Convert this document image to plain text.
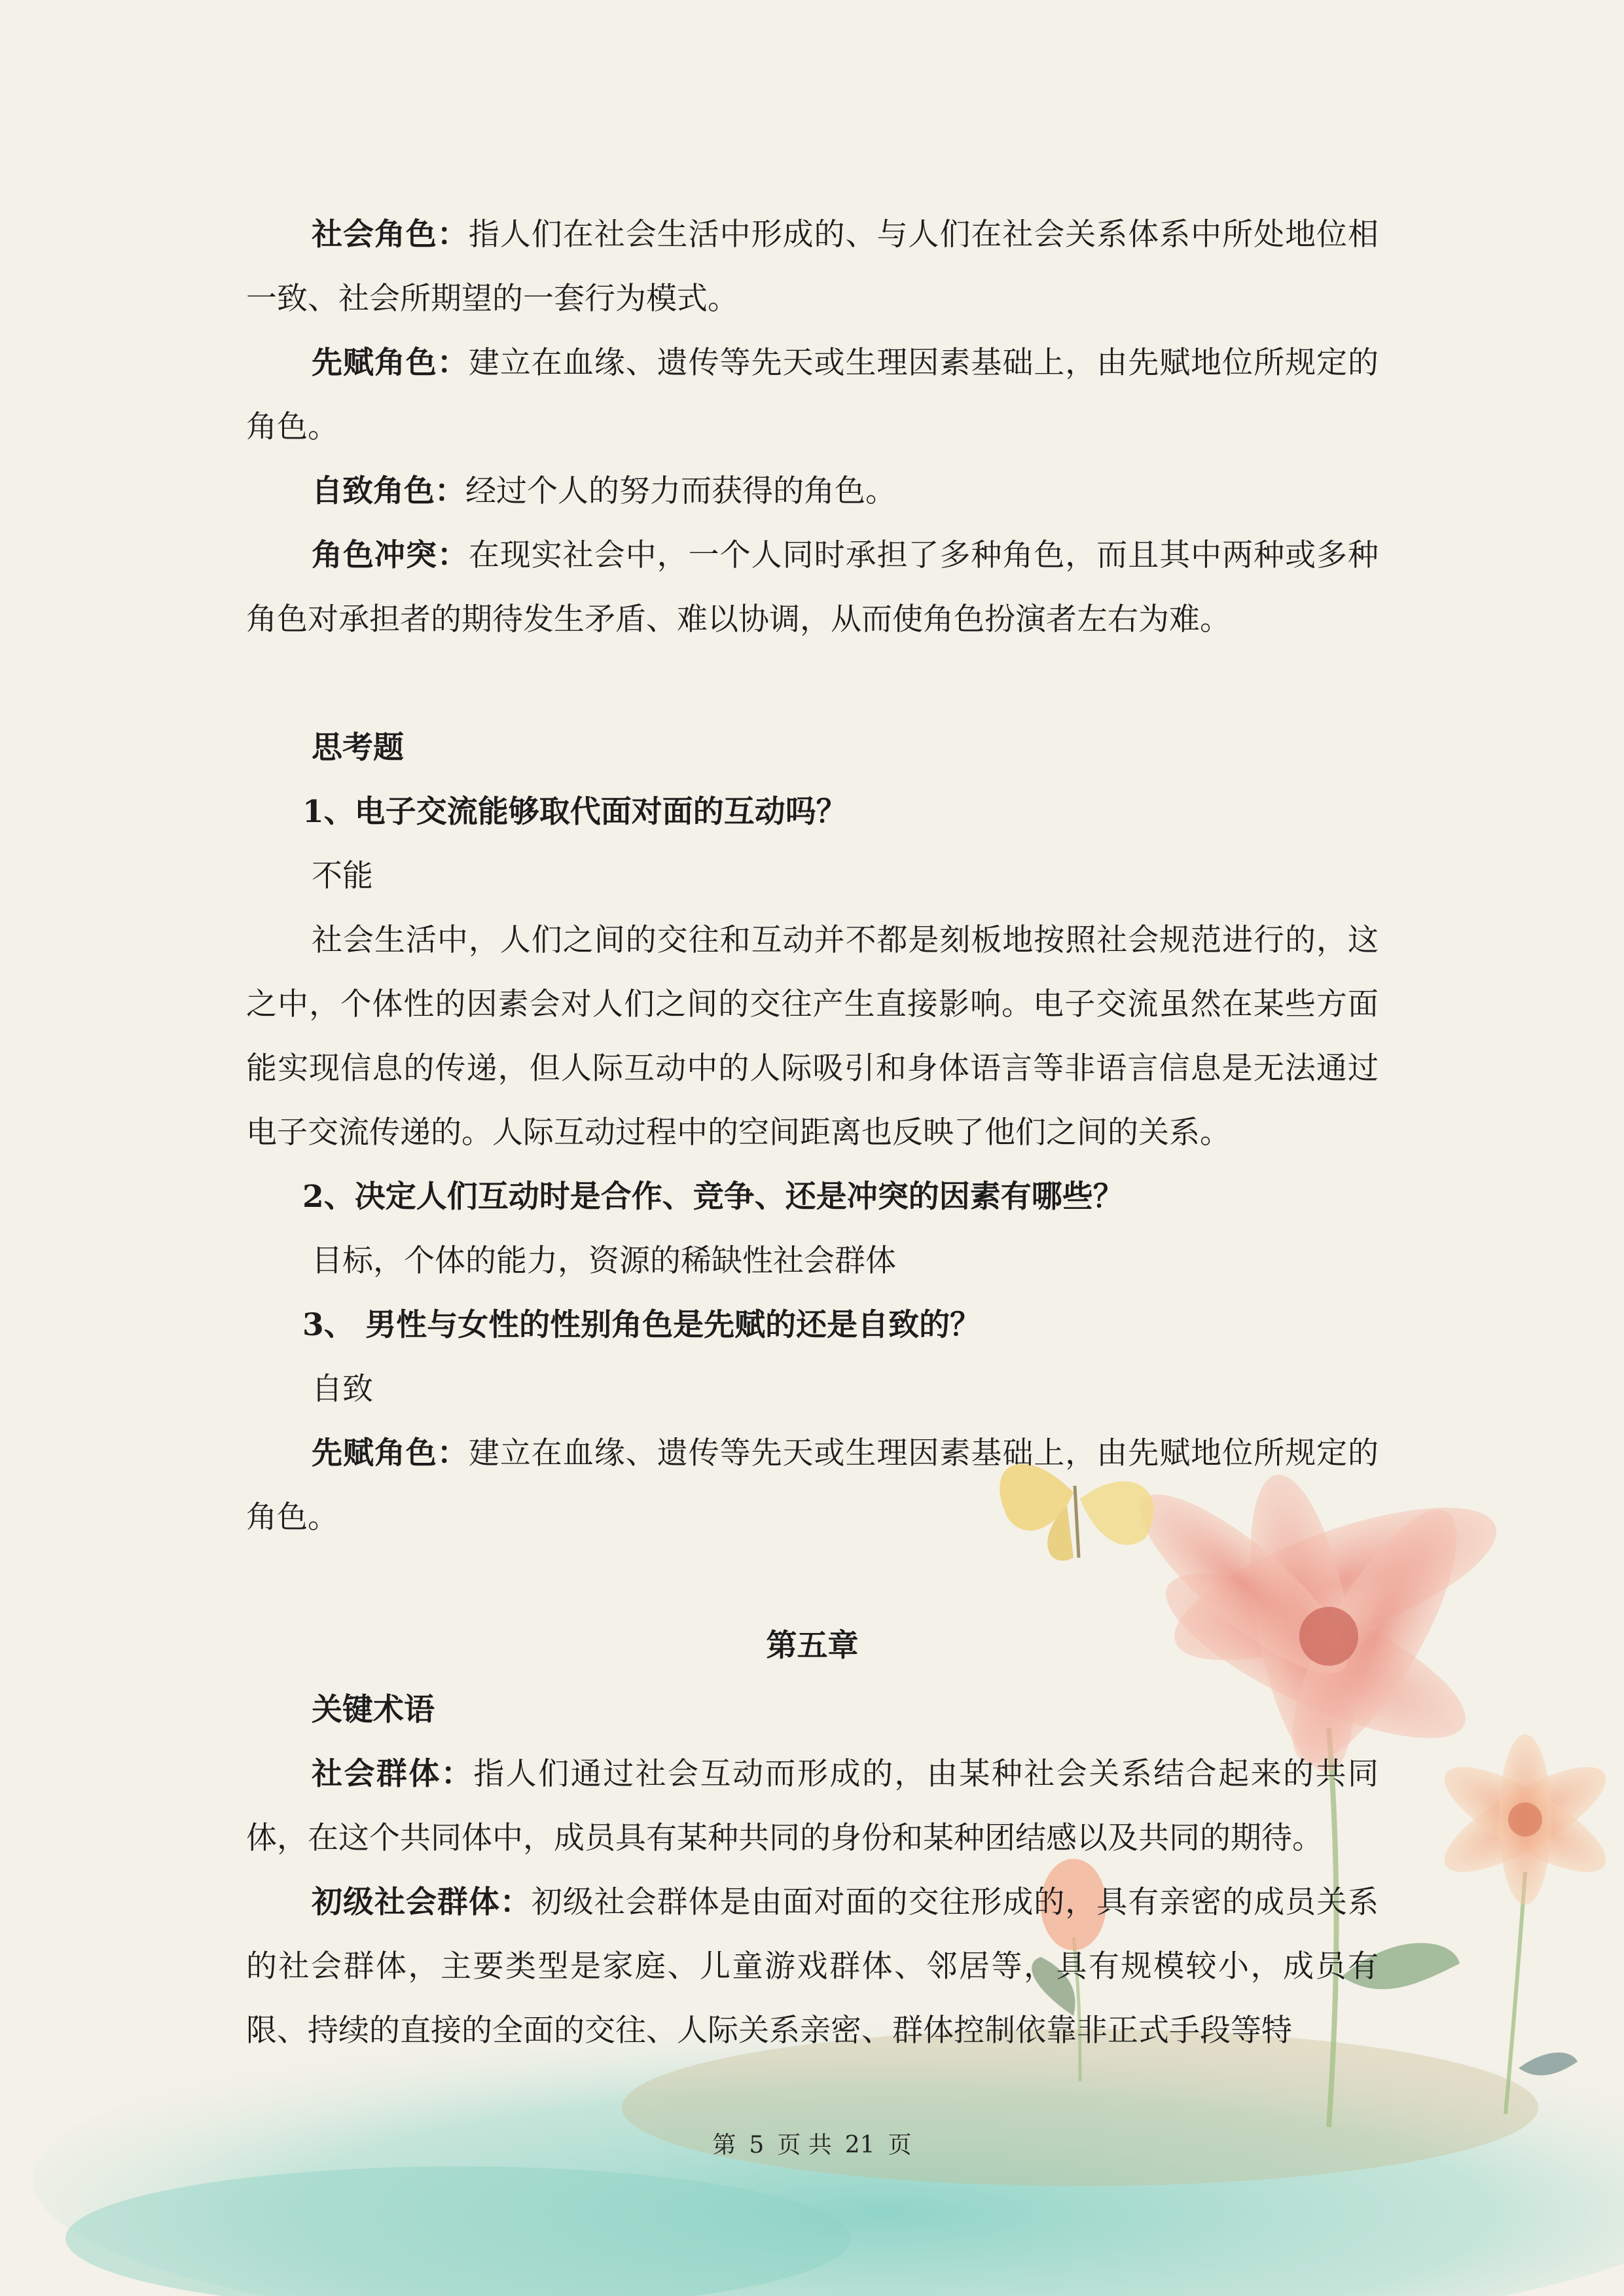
社会角色：指人们在社会生活中形成的、与人们在社会关系体系中所处地位相一致、社会所期望的一套行为模式。

先赋角色：建立在血缘、遗传等先天或生理因素基础上，由先赋地位所规定的角色。

自致角色：经过个人的努力而获得的角色。

角色冲突：在现实社会中，一个人同时承担了多种角色，而且其中两种或多种角色对承担者的期待发生矛盾、难以协调，从而使角色扮演者左右为难。

思考题

1、电子交流能够取代面对面的互动吗？

不能

社会生活中，人们之间的交往和互动并不都是刻板地按照社会规范进行的，这之中，个体性的因素会对人们之间的交往产生直接影响。电子交流虽然在某些方面能实现信息的传递，但人际互动中的人际吸引和身体语言等非语言信息是无法通过电子交流传递的。人际互动过程中的空间距离也反映了他们之间的关系。

2、决定人们互动时是合作、竞争、还是冲突的因素有哪些？

目标，个体的能力，资源的稀缺性社会群体

3、 男性与女性的性别角色是先赋的还是自致的？

自致

先赋角色：建立在血缘、遗传等先天或生理因素基础上，由先赋地位所规定的角色。

第五章

关键术语

社会群体：指人们通过社会互动而形成的，由某种社会关系结合起来的共同体，在这个共同体中，成员具有某种共同的身份和某种团结感以及共同的期待。

初级社会群体：初级社会群体是由面对面的交往形成的，具有亲密的成员关系的社会群体，主要类型是家庭、儿童游戏群体、邻居等，具有规模较小，成员有限、持续的直接的全面的交往、人际关系亲密、群体控制依靠非正式手段等特

第 5 页 共 21 页
